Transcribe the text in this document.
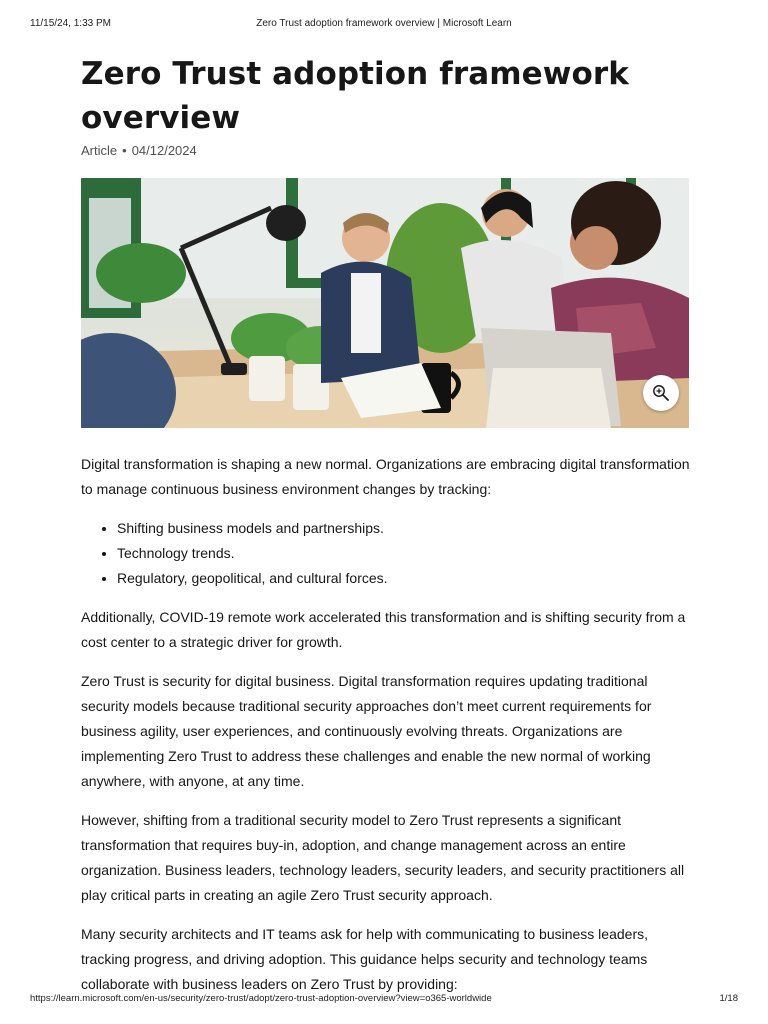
11/15/24, 1:33 PM	Zero Trust adoption framework overview | Microsoft Learn
Zero Trust adoption framework overview
Article • 04/12/2024

Digital transformation is shaping a new normal. Organizations are embracing digital transformation to manage continuous business environment changes by tracking:

• Shifting business models and partnerships.
• Technology trends.
• Regulatory, geopolitical, and cultural forces.

Additionally, COVID-19 remote work accelerated this transformation and is shifting security from a cost center to a strategic driver for growth.

Zero Trust is security for digital business. Digital transformation requires updating traditional security models because traditional security approaches don’t meet current requirements for business agility, user experiences, and continuously evolving threats. Organizations are implementing Zero Trust to address these challenges and enable the new normal of working anywhere, with anyone, at any time.

However, shifting from a traditional security model to Zero Trust represents a significant transformation that requires buy-in, adoption, and change management across an entire organization. Business leaders, technology leaders, security leaders, and security practitioners all play critical parts in creating an agile Zero Trust security approach.

Many security architects and IT teams ask for help with communicating to business leaders, tracking progress, and driving adoption. This guidance helps security and technology teams collaborate with business leaders on Zero Trust by providing:

https://learn.microsoft.com/en-us/security/zero-trust/adopt/zero-trust-adoption-overview?view=o365-worldwide	1/18
